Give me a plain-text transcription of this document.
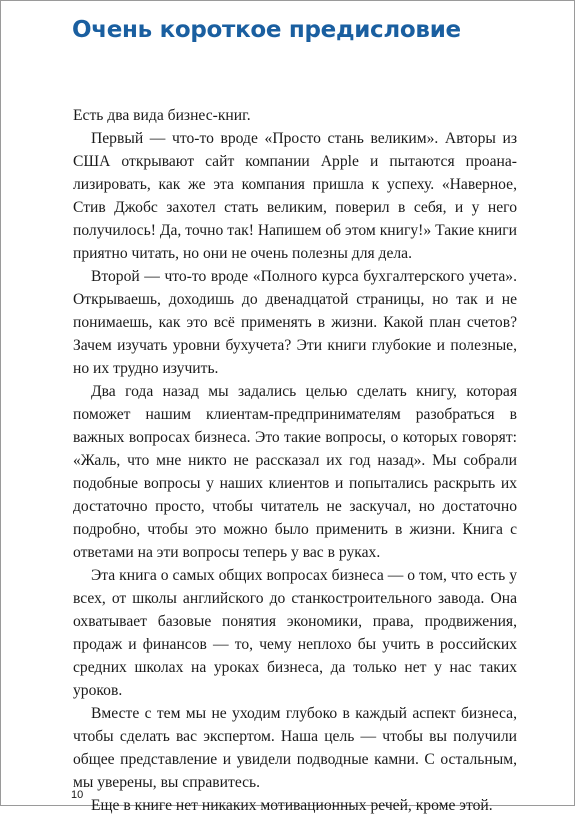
Очень короткое предисловие

Есть два вида бизнес-книг.

Первый — что-то вроде «Просто стань великим». Авторы из США открывают сайт компании Apple и пытаются проанализировать, как же эта компания пришла к успеху. «Наверное, Стив Джобс захотел стать великим, поверил в себя, и у него получилось! Да, точно так! Напишем об этом книгу!» Такие книги приятно читать, но они не очень полезны для дела.

Второй — что-то вроде «Полного курса бухгалтерского учета». Открываешь, доходишь до двенадцатой страницы, но так и не понимаешь, как это всё применять в жизни. Какой план счетов? Зачем изучать уровни бухучета? Эти книги глубокие и полезные, но их трудно изучить.

Два года назад мы задались целью сделать книгу, которая поможет нашим клиентам-предпринимателям разобраться в важных вопросах бизнеса. Это такие вопросы, о которых говорят: «Жаль, что мне никто не рассказал их год назад». Мы собрали подобные вопросы у наших клиентов и попытались раскрыть их достаточно просто, чтобы читатель не заскучал, но достаточно подробно, чтобы это можно было применить в жизни. Книга с ответами на эти вопросы теперь у вас в руках.

Эта книга о самых общих вопросах бизнеса — о том, что есть у всех, от школы английского до станкостроительного завода. Она охватывает базовые понятия экономики, права, продвижения, продаж и финансов — то, чему неплохо бы учить в российских средних школах на уроках бизнеса, да только нет у нас таких уроков.

Вместе с тем мы не уходим глубоко в каждый аспект бизнеса, чтобы сделать вас экспертом. Наша цель — чтобы вы получили общее представление и увидели подводные камни. С остальным, мы уверены, вы справитесь.

Еще в книге нет никаких мотивационных речей, кроме этой.

10
